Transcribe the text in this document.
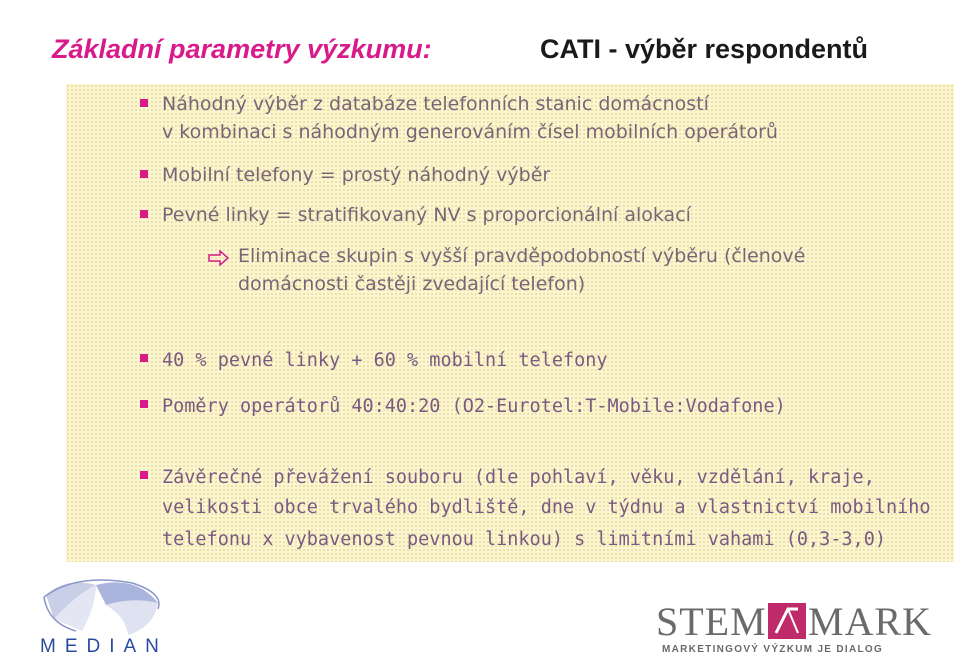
Základní parametry výzkumu:	CATI - výběr respondentů
Náhodný výběr z databáze telefonních stanic domácností
v kombinaci s náhodným generováním čísel mobilních operátorů
Mobilní telefony = prostý náhodný výběr
Pevné linky = stratifikovaný NV s proporcionální alokací
Eliminace skupin s vyšší pravděpodobností výběru (členové
domácnosti častěji zvedající telefon)
40 % pevné linky + 60 % mobilní telefony
Poměry operátorů 40:40:20 (O2-Eurotel:T-Mobile:Vodafone)
Závěrečné převážení souboru (dle pohlaví, věku, vzdělání, kraje,
velikosti obce trvalého bydliště, dne v týdnu a vlastnictví mobilního
telefonu x vybavenost pevnou linkou) s limitními vahami (0,3-3,0)
MEDIAN
STEM MARK
MARKETINGOVÝ VÝZKUM JE DIALOG
